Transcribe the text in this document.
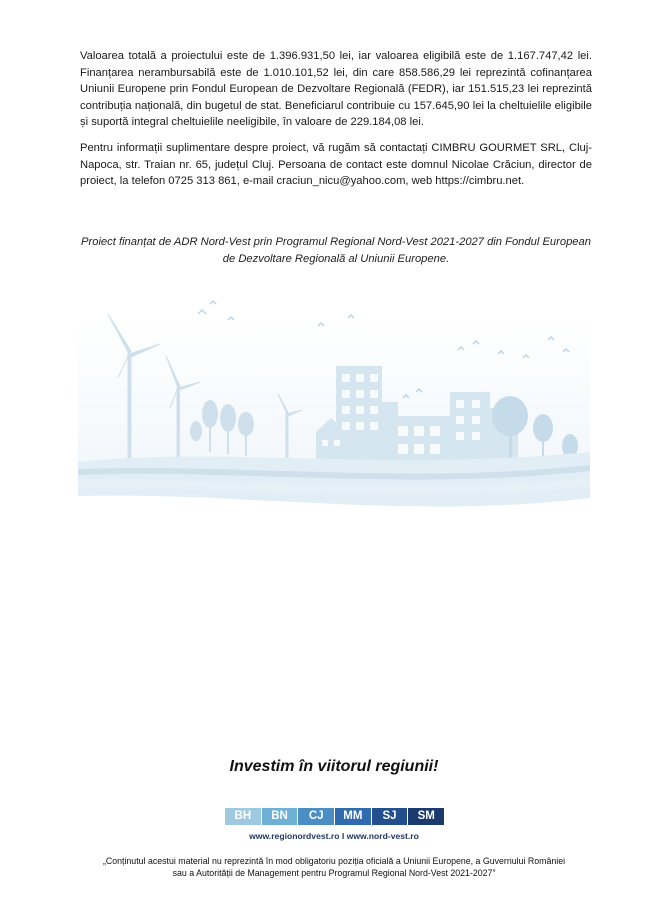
Valoarea totală a proiectului este de 1.396.931,50 lei, iar valoarea eligibilă este de 1.167.747,42 lei. Finanțarea nerambursabilă este de 1.010.101,52 lei, din care 858.586,29 lei reprezintă cofinanțarea Uniunii Europene prin Fondul European de Dezvoltare Regională (FEDR), iar 151.515,23 lei reprezintă contribuția națională, din bugetul de stat. Beneficiarul contribuie cu 157.645,90 lei la cheltuielile eligibile și suportă integral cheltuielile neeligibile, în valoare de 229.184,08 lei.

Pentru informații suplimentare despre proiect, vă rugăm să contactați CIMBRU GOURMET SRL, Cluj-Napoca, str. Traian nr. 65, județul Cluj. Persoana de contact este domnul Nicolae Crăciun, director de proiect, la telefon 0725 313 861, e-mail craciun_nicu@yahoo.com, web https://cimbru.net.

Proiect finanțat de ADR Nord-Vest prin Programul Regional Nord-Vest 2021-2027 din Fondul European de Dezvoltare Regională al Uniunii Europene.

Investim în viitorul regiunii!

BH	BN	CJ	MM	SJ	SM

www.regionordvest.ro I www.nord-vest.ro

„Conținutul acestui material nu reprezintă în mod obligatoriu poziția oficială a Uniunii Europene, a Guvernului României sau a Autorității de Management pentru Programul Regional Nord-Vest 2021-2027”
